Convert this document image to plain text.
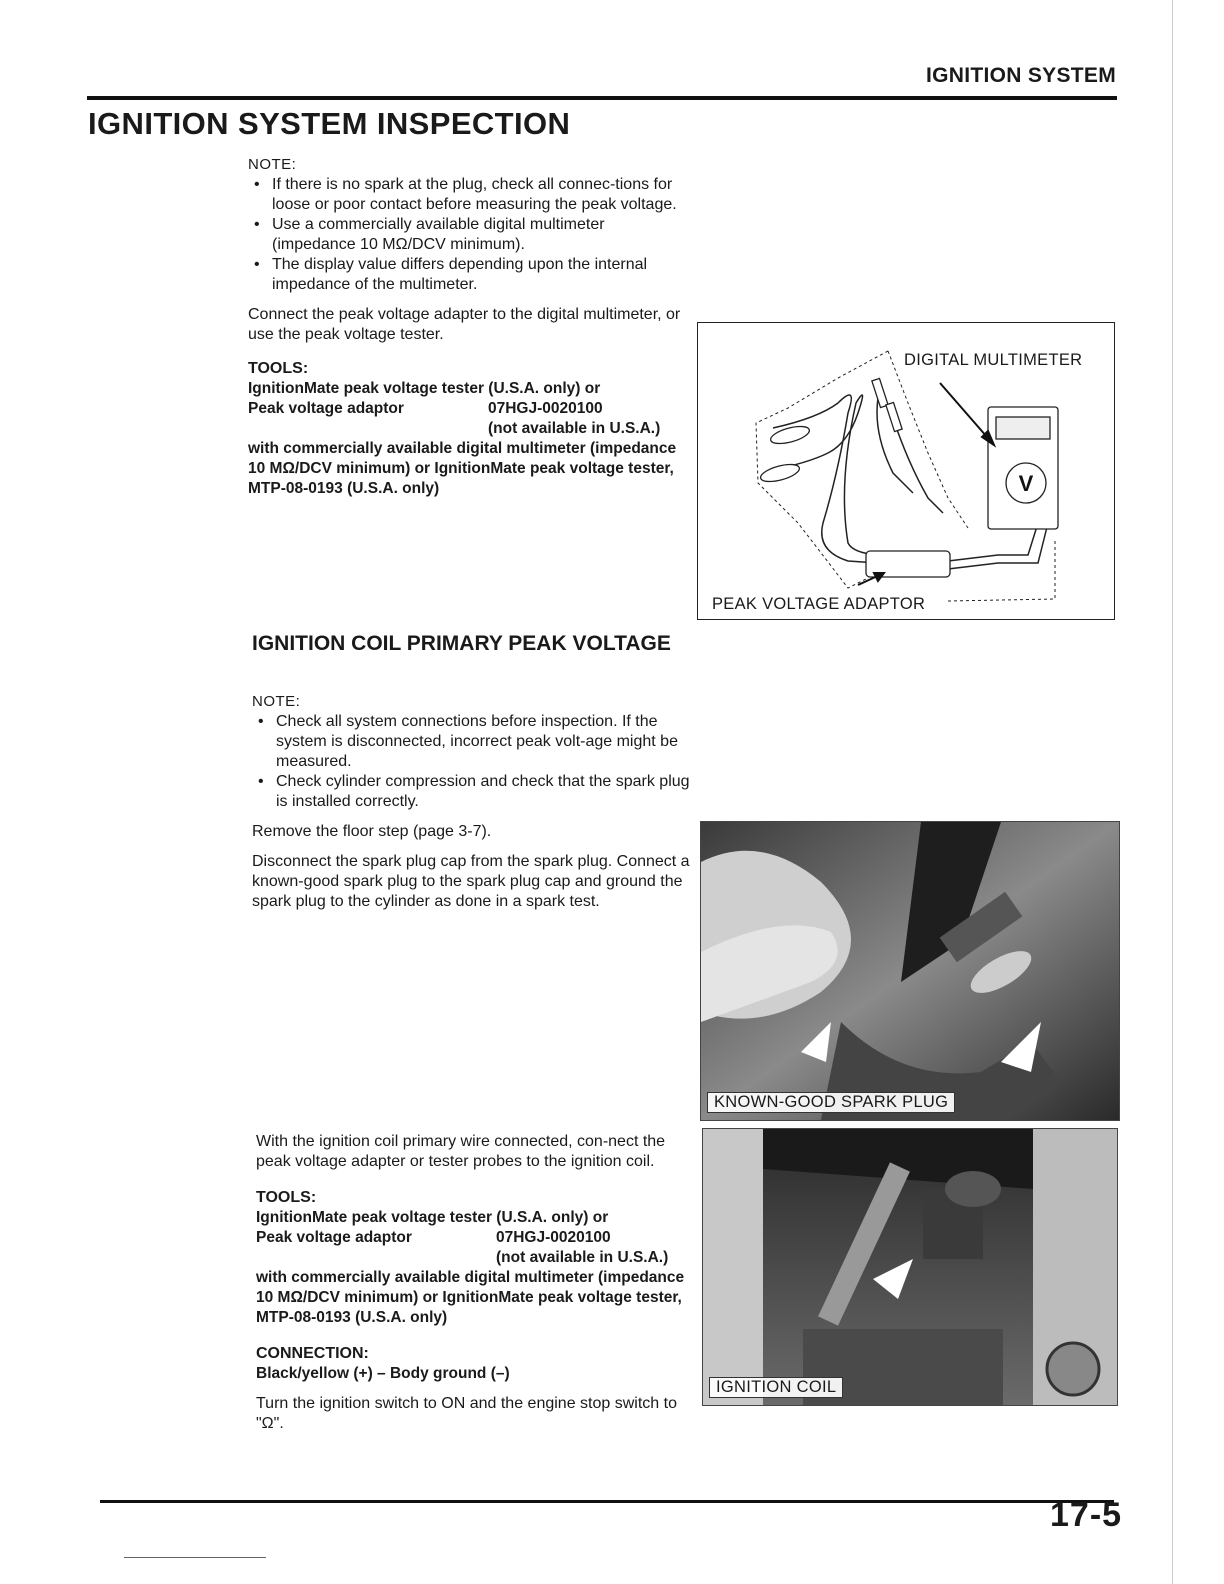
IGNITION SYSTEM
IGNITION SYSTEM INSPECTION
NOTE:
• If there is no spark at the plug, check all connec-tions for loose or poor contact before measuring the peak voltage.
• Use a commercially available digital multimeter (impedance 10 MΩ/DCV minimum).
• The display value differs depending upon the internal impedance of the multimeter.
Connect the peak voltage adapter to the digital multimeter, or use the peak voltage tester.
TOOLS:
IgnitionMate peak voltage tester (U.S.A. only) or
Peak voltage adaptor	07HGJ-0020100
(not available in U.S.A.)
with commercially available digital multimeter (impedance 10 MΩ/DCV minimum) or IgnitionMate peak voltage tester, MTP-08-0193 (U.S.A. only)	V
DIGITAL MULTIMETER
PEAK VOLTAGE ADAPTOR
IGNITION COIL PRIMARY PEAK VOLTAGE
NOTE:
• Check all system connections before inspection. If the system is disconnected, incorrect peak volt-age might be measured.
• Check cylinder compression and check that the spark plug is installed correctly.
Remove the floor step (page 3-7).
Disconnect the spark plug cap from the spark plug. Connect a known-good spark plug to the spark plug cap and ground the spark plug to the cylinder as done in a spark test.
KNOWN-GOOD SPARK PLUG
With the ignition coil primary wire connected, con-nect the peak voltage adapter or tester probes to the ignition coil.
TOOLS:
IgnitionMate peak voltage tester (U.S.A. only) or
Peak voltage adaptor	07HGJ-0020100
(not available in U.S.A.)
with commercially available digital multimeter (impedance 10 MΩ/DCV minimum) or IgnitionMate peak voltage tester, MTP-08-0193 (U.S.A. only)
CONNECTION:
Black/yellow (+) – Body ground (–)
Turn the ignition switch to ON and the engine stop switch to "Ω".
IGNITION COIL
17-5
